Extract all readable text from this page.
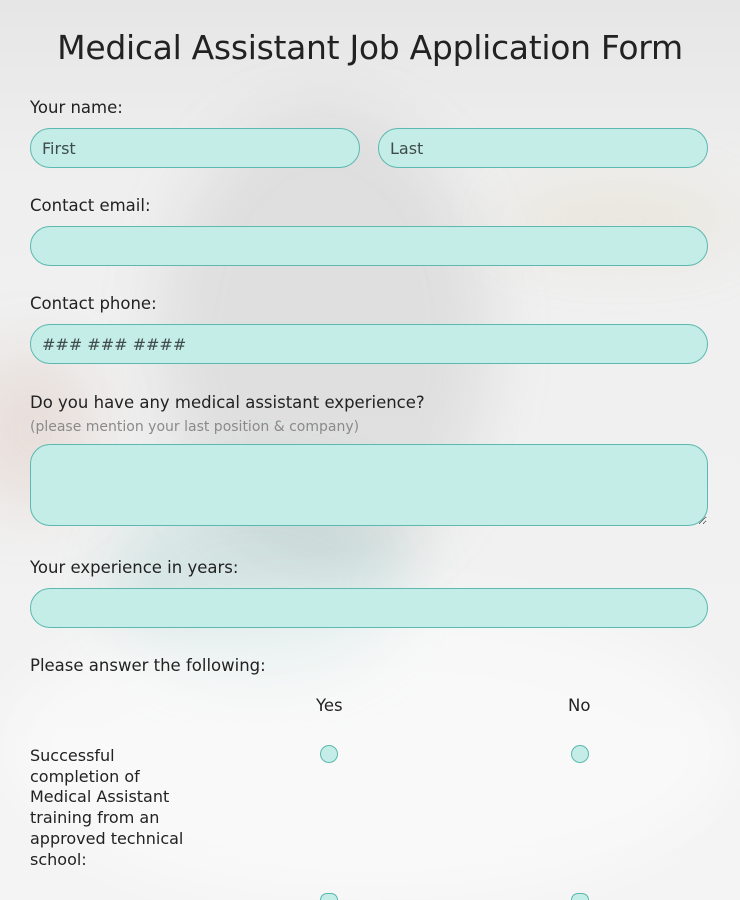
Medical Assistant Job Application Form
Your name:
First
Last
Contact email:
Contact phone:
### ### ####
Do you have any medical assistant experience?
(please mention your last position & company)
Your experience in years:
Please answer the following:
Yes	No
Successful completion of Medical Assistant training from an approved technical school:
